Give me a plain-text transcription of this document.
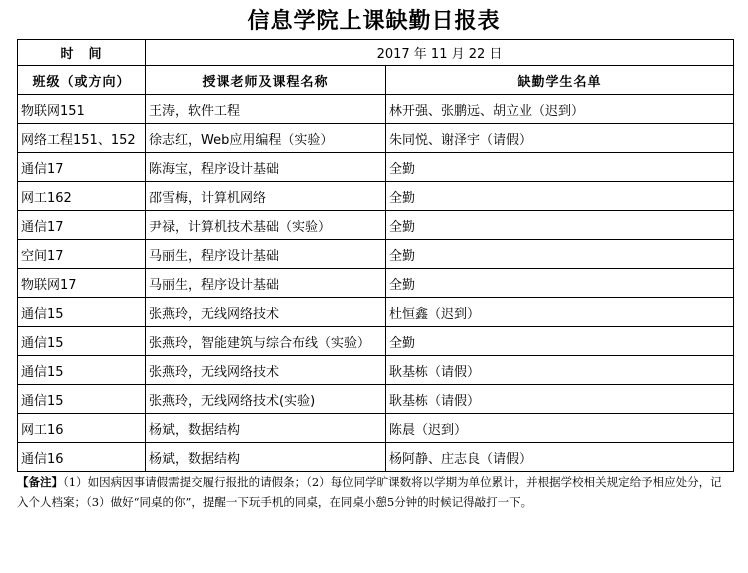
信息学院上课缺勤日报表
时　间	2017 年 11 月 22 日	
班级（或方向）	授课老师及课程名称	缺勤学生名单
物联网151	王涛，软件工程	林开强、张鹏远、胡立业（迟到）
网络工程151、152	徐志红，Web应用编程（实验）	朱同悦、谢泽宇（请假）
通信17	陈海宝，程序设计基础	全勤
网工162	邵雪梅，计算机网络	全勤
通信17	尹禄，计算机技术基础（实验）	全勤
空间17	马丽生，程序设计基础	全勤
物联网17	马丽生，程序设计基础	全勤
通信15	张燕玲，无线网络技术	杜恒鑫（迟到）
通信15	张燕玲，智能建筑与综合布线（实验）	全勤
通信15	张燕玲，无线网络技术	耿基栋（请假）
通信15	张燕玲，无线网络技术(实验)	耿基栋（请假）
网工16	杨斌，数据结构	陈晨（迟到）
通信16	杨斌，数据结构	杨阿静、庄志良（请假）
【备注】（1）如因病因事请假需提交履行报批的请假条；（2）每位同学旷课数将以学期为单位累计，并根据学校相关规定给予相应处分，记入个人档案；（3）做好“同桌的你”，提醒一下玩手机的同桌，在同桌小憩5分钟的时候记得敲打一下。
